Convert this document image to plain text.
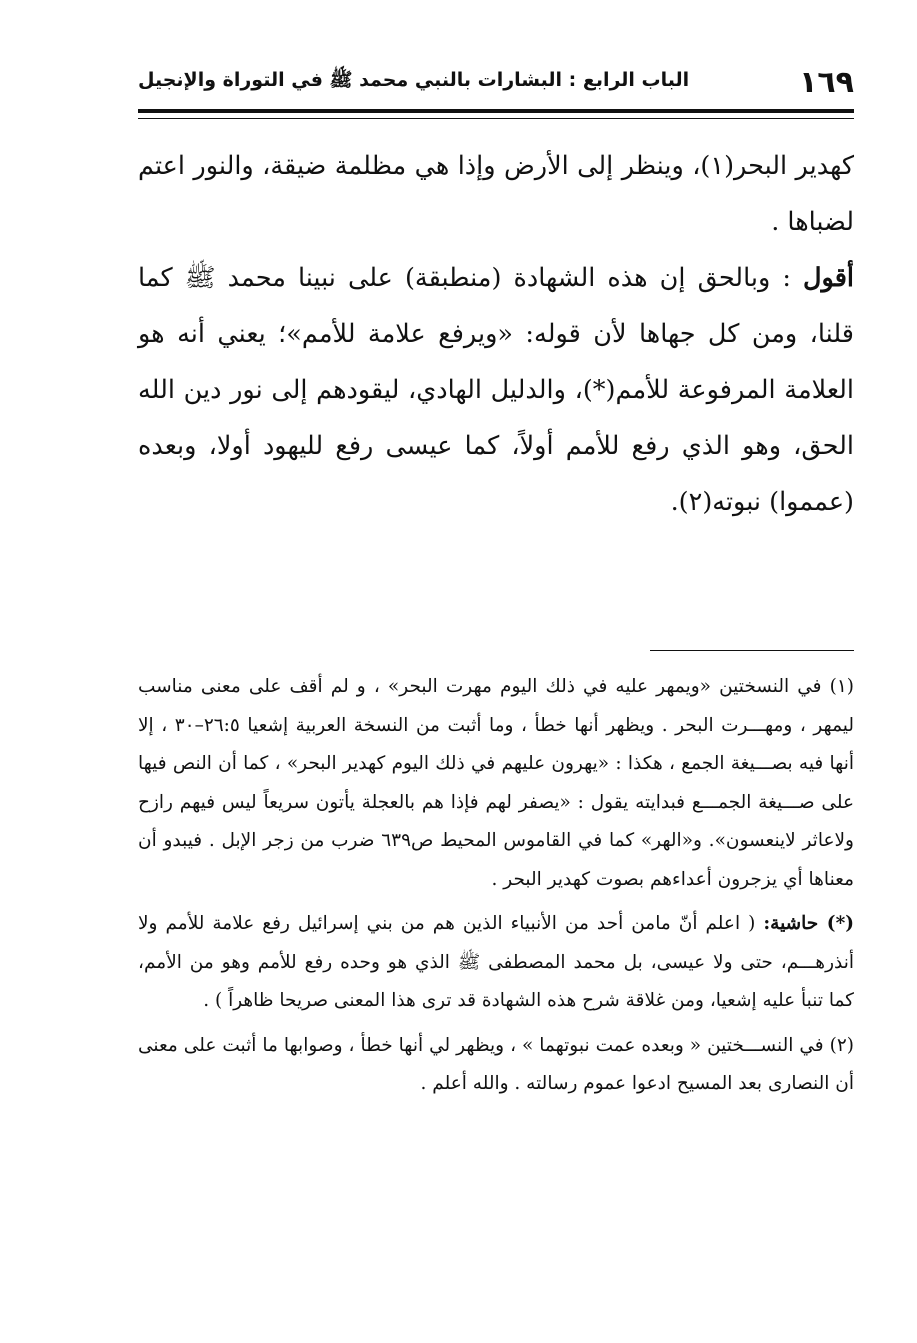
١٦٩
الباب الرابع : البشارات بالنبي محمد ﷺ في التوراة والإنجيل

كهدير البحر(١)، وينظر إلى الأرض وإذا هي مظلمة ضيقة، والنور اعتم لضباها .

أقول : وبالحق إن هذه الشهادة (منطبقة) على نبينا محمد ﷺ كما قلنا، ومن كل جهاها لأن قوله: «ويرفع علامة للأمم»؛ يعني أنه هو العلامة المرفوعة للأمم(*)، والدليل الهادي، ليقودهم إلى نور دين الله الحق، وهو الذي رفع للأمم أولاً، كما عيسى رفع لليهود أولا، وبعده (عمموا) نبوته(٢).

(١) في النسختين «ويمهر عليه في ذلك اليوم مهرت البحر» ، و لم أقف على معنى مناسب ليمهر ، ومهـــرت البحر . ويظهر أنها خطأ ، وما أثبت من النسخة العربية إشعيا ٢٦:٥–٣٠ ، إلا أنها فيه بصـــيغة الجمع ، هكذا : «يهرون عليهم في ذلك اليوم كهدير البحر» ، كما أن النص فيها على صـــيغة الجمـــع فبدايته يقول : «يصفر لهم فإذا هم بالعجلة يأتون سريعاً ليس فيهم رازح ولاعاثر لاينعسون». و«الهر» كما في القاموس المحيط ص٦٣٩ ضرب من زجر الإبل . فيبدو أن معناها أي يزجرون أعداءهم بصوت كهدير البحر .

(*) حاشية: ( اعلم أنّ مامن أحد من الأنبياء الذين هم من بني إسرائيل رفع علامة للأمم ولا أنذرهـــم، حتى ولا عيسى، بل محمد المصطفى ﷺ الذي هو وحده رفع للأمم وهو من الأمم، كما تنبأ عليه إشعيا، ومن غلاقة شرح هذه الشهادة قد ترى هذا المعنى صريحا ظاهراً ) .

(٢) في النســـختين « وبعده عمت نبوتهما » ، ويظهر لي أنها خطأ ، وصوابها ما أثبت على معنى أن النصارى بعد المسيح ادعوا عموم رسالته . والله أعلم .
